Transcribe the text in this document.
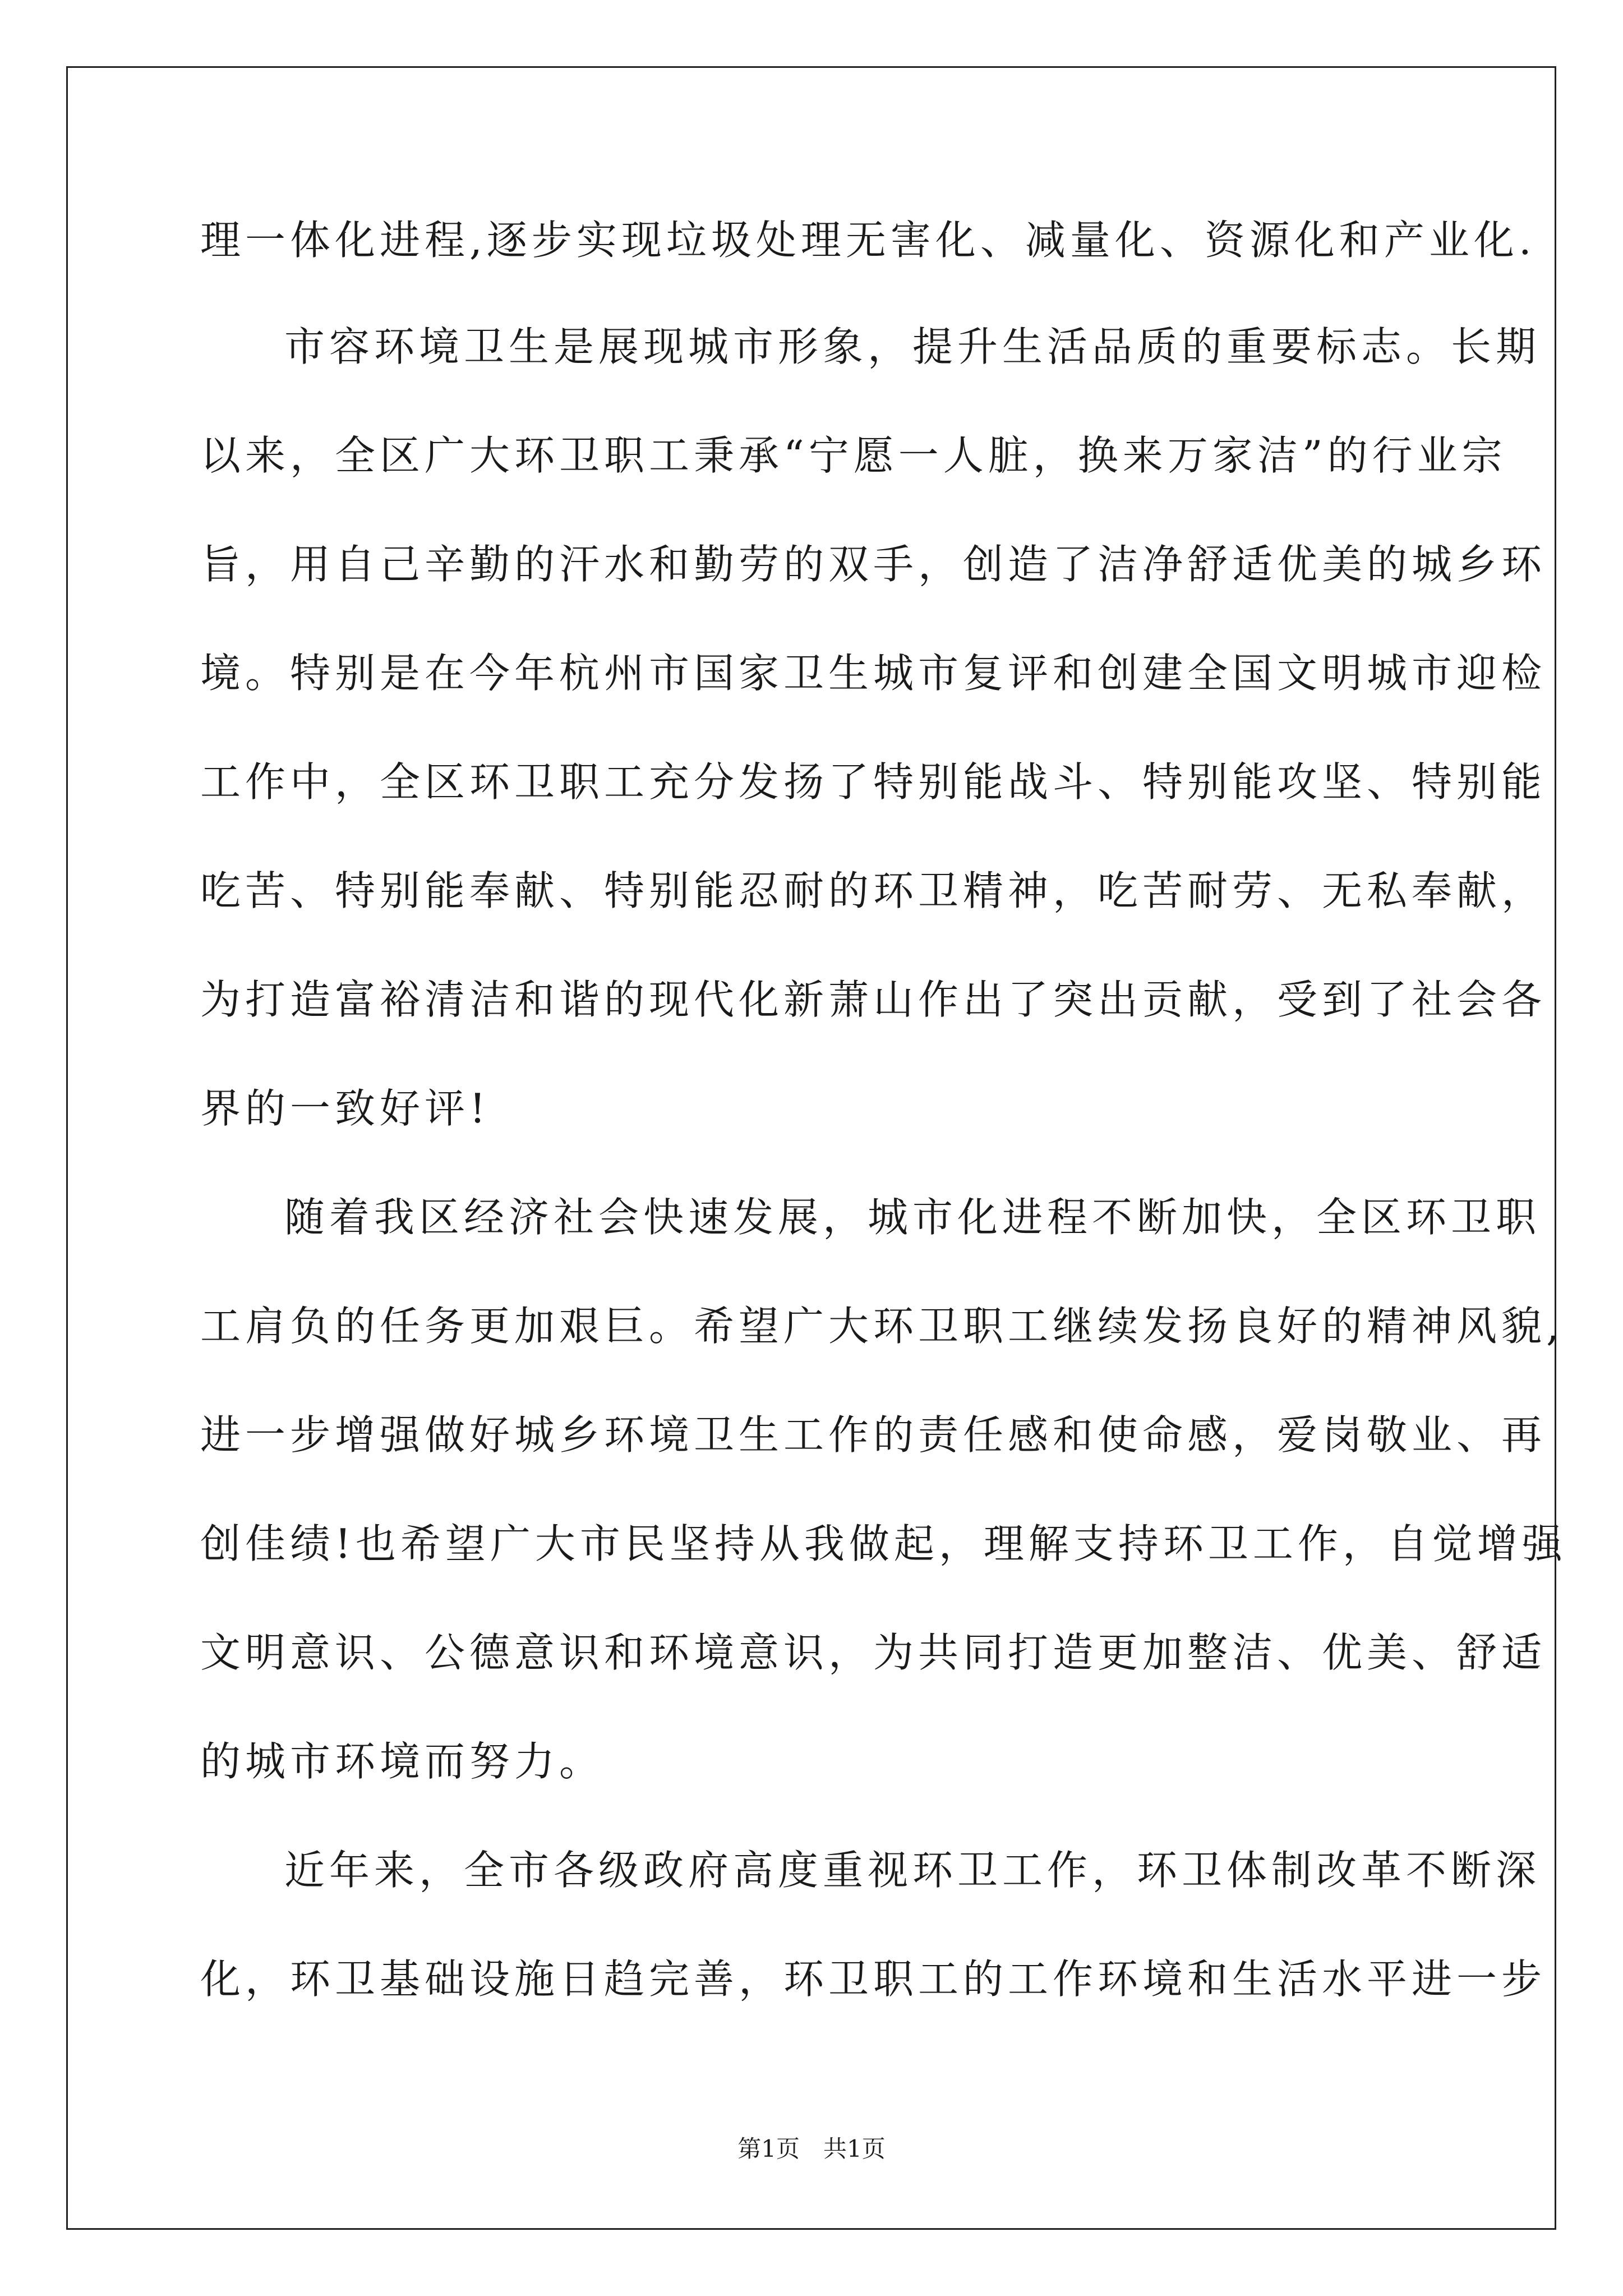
理一体化进程,逐步实现垃圾处理无害化、减量化、资源化和产业化.
市容环境卫生是展现城市形象，提升生活品质的重要标志。长期
以来，全区广大环卫职工秉承“宁愿一人脏，换来万家洁”的行业宗
旨，用自己辛勤的汗水和勤劳的双手，创造了洁净舒适优美的城乡环
境。特别是在今年杭州市国家卫生城市复评和创建全国文明城市迎检
工作中，全区环卫职工充分发扬了特别能战斗、特别能攻坚、特别能
吃苦、特别能奉献、特别能忍耐的环卫精神，吃苦耐劳、无私奉献，
为打造富裕清洁和谐的现代化新萧山作出了突出贡献，受到了社会各
界的一致好评!
随着我区经济社会快速发展，城市化进程不断加快，全区环卫职
工肩负的任务更加艰巨。希望广大环卫职工继续发扬良好的精神风貌,
进一步增强做好城乡环境卫生工作的责任感和使命感，爱岗敬业、再
创佳绩!也希望广大市民坚持从我做起，理解支持环卫工作，自觉增强
文明意识、公德意识和环境意识，为共同打造更加整洁、优美、舒适
的城市环境而努力。
近年来，全市各级政府高度重视环卫工作，环卫体制改革不断深
化，环卫基础设施日趋完善，环卫职工的工作环境和生活水平进一步
第1页　共1页
